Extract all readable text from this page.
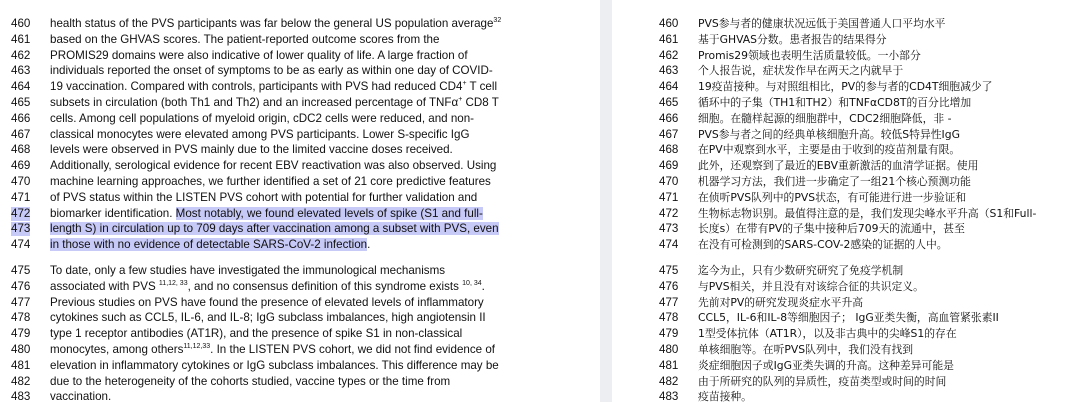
460 health status of the PVS participants was far below the general US population average$^{32}$
461 based on the GHVAS scores. The patient-reported outcome scores from the
462 PROMIS29 domains were also indicative of lower quality of life. A large fraction of
463 individuals reported the onset of symptoms to be as early as within one day of COVID-
464 19 vaccination. Compared with controls, participants with PVS had reduced CD4+ T cell
465 subsets in circulation (both Th1 and Th2) and an increased percentage of TNFα+ CD8 T
466 cells. Among cell populations of myeloid origin, cDC2 cells were reduced, and non-
467 classical monocytes were elevated among PVS participants. Lower S-specific IgG
468 levels were observed in PVS mainly due to the limited vaccine doses received.
469 Additionally, serological evidence for recent EBV reactivation was also observed. Using
470 machine learning approaches, we further identified a set of 21 core predictive features
471 of PVS status within the LISTEN PVS cohort with potential for further validation and
472 biomarker identification. Most notably, we found elevated levels of spike (S1 and full-
473 length S) in circulation up to 709 days after vaccination among a subset with PVS, even
474 in those with no evidence of detectable SARS-CoV-2 infection.
475 To date, only a few studies have investigated the immunological mechanisms
476 associated with PVS $^{11,12, 33}$, and no consensus definition of this syndrome exists $^{10, 34}$.
477 Previous studies on PVS have found the presence of elevated levels of inflammatory
478 cytokines such as CCL5, IL-6, and IL-8; IgG subclass imbalances, high angiotensin II
479 type 1 receptor antibodies (AT1R), and the presence of spike S1 in non-classical
480 monocytes, among others$^{11,12,33}$. In the LISTEN PVS cohort, we did not find evidence of
481 elevation in inflammatory cytokines or IgG subclass imbalances. This difference may be
482 due to the heterogeneity of the cohorts studied, vaccine types or the time from
483 vaccination.
460 PVS参与者的健康状况远低于美国普通人口平均水平
461 基于GHVAS分数。患者报告的结果得分
462 Promis29领域也表明生活质量较低。一小部分
463 个人报告说，症状发作早在两天之内就早于
464 19疫苗接种。与对照组相比，PV的参与者的CD4T细胞减少了
465 循环中的子集（TH1和TH2）和TNFαCD8T的百分比增加
466 细胞。在髓样起源的细胞群中，CDC2细胞降低，非 -
467 PVS参与者之间的经典单核细胞升高。较低S特异性IgG
468 在PV中观察到水平，主要是由于收到的疫苗剂量有限。
469 此外，还观察到了最近的EBV重新激活的血清学证据。使用
470 机器学习方法，我们进一步确定了一组21个核心预测功能
471 在侦听PVS队列中的PVS状态，有可能进行进一步验证和
472 生物标志物识别。最值得注意的是，我们发现尖峰水平升高（S1和Full-
473 长度s）在带有PV的子集中接种后709天的流通中，甚至
474 在没有可检测到的SARS-COV-2感染的证据的人中。
475 迄今为止，只有少数研究研究了免疫学机制
476 与PVS相关，并且没有对该综合征的共识定义。
477 先前对PV的研究发现炎症水平升高
478 CCL5，IL-6和IL-8等细胞因子； IgG亚类失衡，高血管紧张素II
479 1型受体抗体（AT1R），以及非古典中的尖峰S1的存在
480 单核细胞等。在听PVS队列中，我们没有找到
481 炎症细胞因子或IgG亚类失调的升高。这种差异可能是
482 由于所研究的队列的异质性，疫苗类型或时间的时间
483 疫苗接种。
